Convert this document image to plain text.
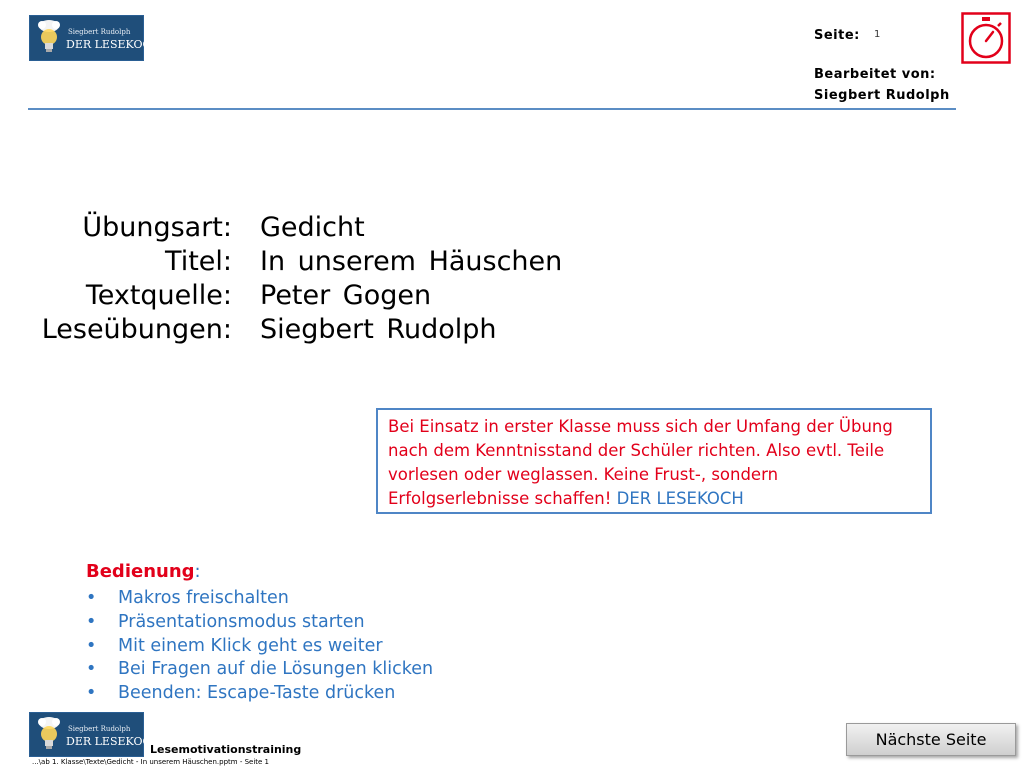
Siegbert Rudolph
DER LESEKOCH
Seite: 1
Bearbeitet von:
Siegbert Rudolph
Übungsart: Gedicht
Titel: In unserem Häuschen
Textquelle: Peter Gogen
Leseübungen: Siegbert Rudolph
Bei Einsatz in erster Klasse muss sich der Umfang der Übung nach dem Kenntnisstand der Schüler richten. Also evtl. Teile vorlesen oder weglassen. Keine Frust-, sondern Erfolgserlebnisse schaffen! DER LESEKOCH
Bedienung:
• Makros freischalten
• Präsentationsmodus starten
• Mit einem Klick geht es weiter
• Bei Fragen auf die Lösungen klicken
• Beenden: Escape-Taste drücken
Siegbert Rudolph
DER LESEKOCH
Lesemotivationstraining
...\ab 1. Klasse\Texte\Gedicht - In unserem Häuschen.pptm - Seite 1
Nächste Seite
